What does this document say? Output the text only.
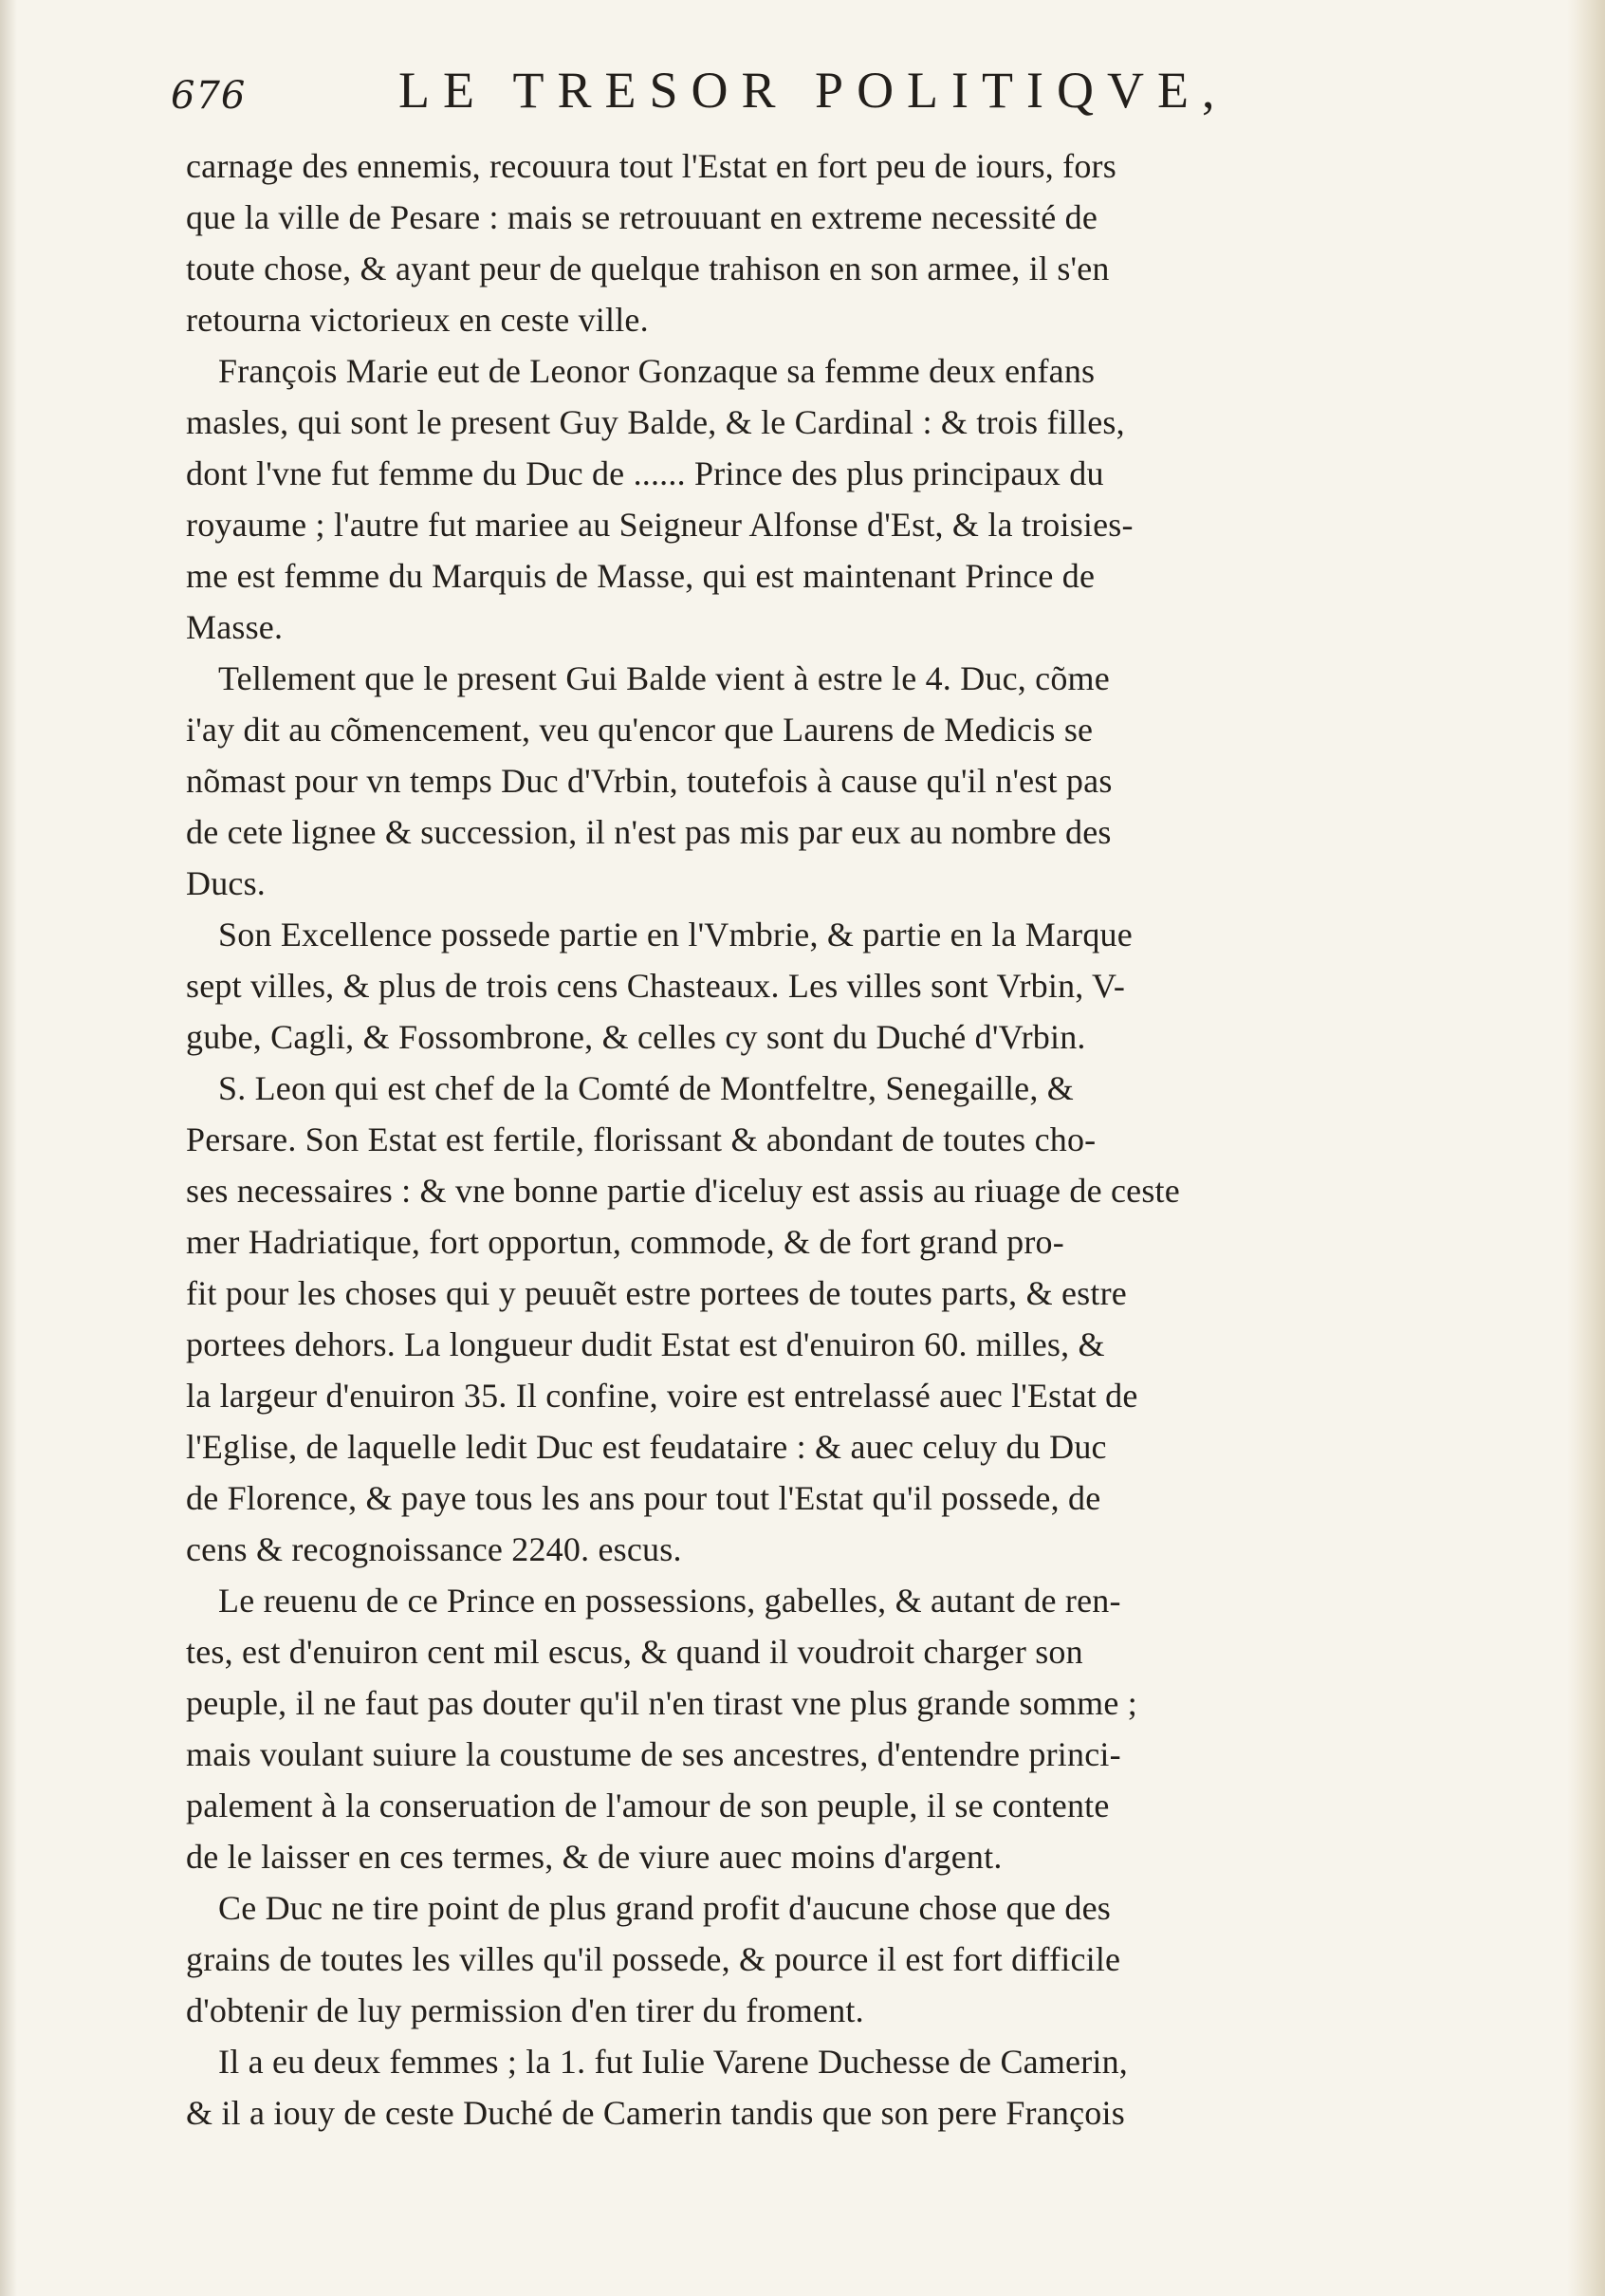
676	LE TRESOR POLITIQVE,
carnage des ennemis, recouura tout l'Estat en fort peu de iours, fors
que la ville de Pesare : mais se retrouuant en extreme necessité de
toute chose, & ayant peur de quelque trahison en son armee, il s'en
retourna victorieux en ceste ville.
François Marie eut de Leonor Gonzaque sa femme deux enfans
masles, qui sont le present Guy Balde, & le Cardinal : & trois filles,
dont l'vne fut femme du Duc de ...... Prince des plus principaux du
royaume ; l'autre fut mariee au Seigneur Alfonse d'Est, & la troisies-
me est femme du Marquis de Masse, qui est maintenant Prince de
Masse.
Tellement que le present Gui Balde vient à estre le 4. Duc, cõme
i'ay dit au cõmencement, veu qu'encor que Laurens de Medicis se
nõmast pour vn temps Duc d'Vrbin, toutefois à cause qu'il n'est pas
de cete lignee & succession, il n'est pas mis par eux au nombre des
Ducs.
Son Excellence possede partie en l'Vmbrie, & partie en la Marque
sept villes, & plus de trois cens Chasteaux. Les villes sont Vrbin, V-
gube, Cagli, & Fossombrone, & celles cy sont du Duché d'Vrbin.
S. Leon qui est chef de la Comté de Montfeltre, Senegaille, &
Persare. Son Estat est fertile, florissant & abondant de toutes cho-
ses necessaires : & vne bonne partie d'iceluy est assis au riuage de ceste
mer Hadriatique, fort opportun, commode, & de fort grand pro-
fit pour les choses qui y peuuẽt estre portees de toutes parts, & estre
portees dehors. La longueur dudit Estat est d'enuiron 60. milles, &
la largeur d'enuiron 35. Il confine, voire est entrelassé auec l'Estat de
l'Eglise, de laquelle ledit Duc est feudataire : & auec celuy du Duc
de Florence, & paye tous les ans pour tout l'Estat qu'il possede, de
cens & recognoissance 2240. escus.
Le reuenu de ce Prince en possessions, gabelles, & autant de ren-
tes, est d'enuiron cent mil escus, & quand il voudroit charger son
peuple, il ne faut pas douter qu'il n'en tirast vne plus grande somme ;
mais voulant suiure la coustume de ses ancestres, d'entendre princi-
palement à la conseruation de l'amour de son peuple, il se contente
de le laisser en ces termes, & de viure auec moins d'argent.
Ce Duc ne tire point de plus grand profit d'aucune chose que des
grains de toutes les villes qu'il possede, & pource il est fort difficile
d'obtenir de luy permission d'en tirer du froment.
Il a eu deux femmes ; la 1. fut Iulie Varene Duchesse de Camerin,
& il a iouy de ceste Duché de Camerin tandis que son pere François
